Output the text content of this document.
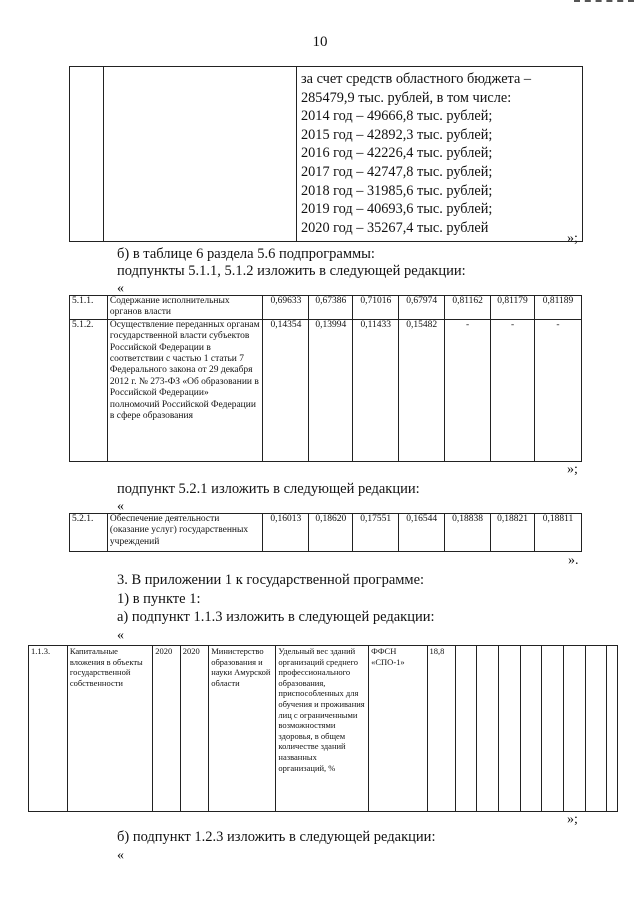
10

за счет средств областного бюджета –
285479,9 тыс. рублей, в том числе:
2014 год – 49666,8 тыс. рублей;
2015 год – 42892,3 тыс. рублей;
2016 год – 42226,4 тыс. рублей;
2017 год – 42747,8 тыс. рублей;
2018 год – 31985,6 тыс. рублей;
2019 год – 40693,6 тыс. рублей;
2020 год – 35267,4 тыс. рублей
»;
б) в таблице 6 раздела 5.6 подпрограммы:
подпункты 5.1.1, 5.1.2 изложить в следующей редакции:
«
5.1.1.	Содержание исполнительных органов власти	0,69633	0,67386	0,71016	0,67974	0,81162	0,81179	0,81189
5.1.2.	Осуществление переданных органам государственной власти субъектов Российской Федерации в соответствии с частью 1 статьи 7 Федерального закона от 29 декабря 2012 г. № 273-ФЗ «Об образовании в Российской Федерации» полномочий Российской Федерации в сфере образования	0,14354	0,13994	0,11433	0,15482	-	-	-
»;
подпункт 5.2.1 изложить в следующей редакции:
«
5.2.1.	Обеспечение деятельности (оказание услуг) государственных учреждений	0,16013	0,18620	0,17551	0,16544	0,18838	0,18821	0,18811
».
3. В приложении 1 к государственной программе:
1) в пункте 1:
а) подпункт 1.1.3 изложить в следующей редакции:
«
1.1.3.	Капитальные вложения в объекты государственной собственности	2020	2020	Министерство образования и науки Амурской области	Удельный вес зданий организаций среднего профессионального образования, приспособленных для обучения и проживания лиц с ограниченными возможностями здоровья, в общем количестве зданий названных организаций, %	ФФСН «СПО-1»	18,8								
»;
б) подпункт 1.2.3 изложить в следующей редакции:
«
